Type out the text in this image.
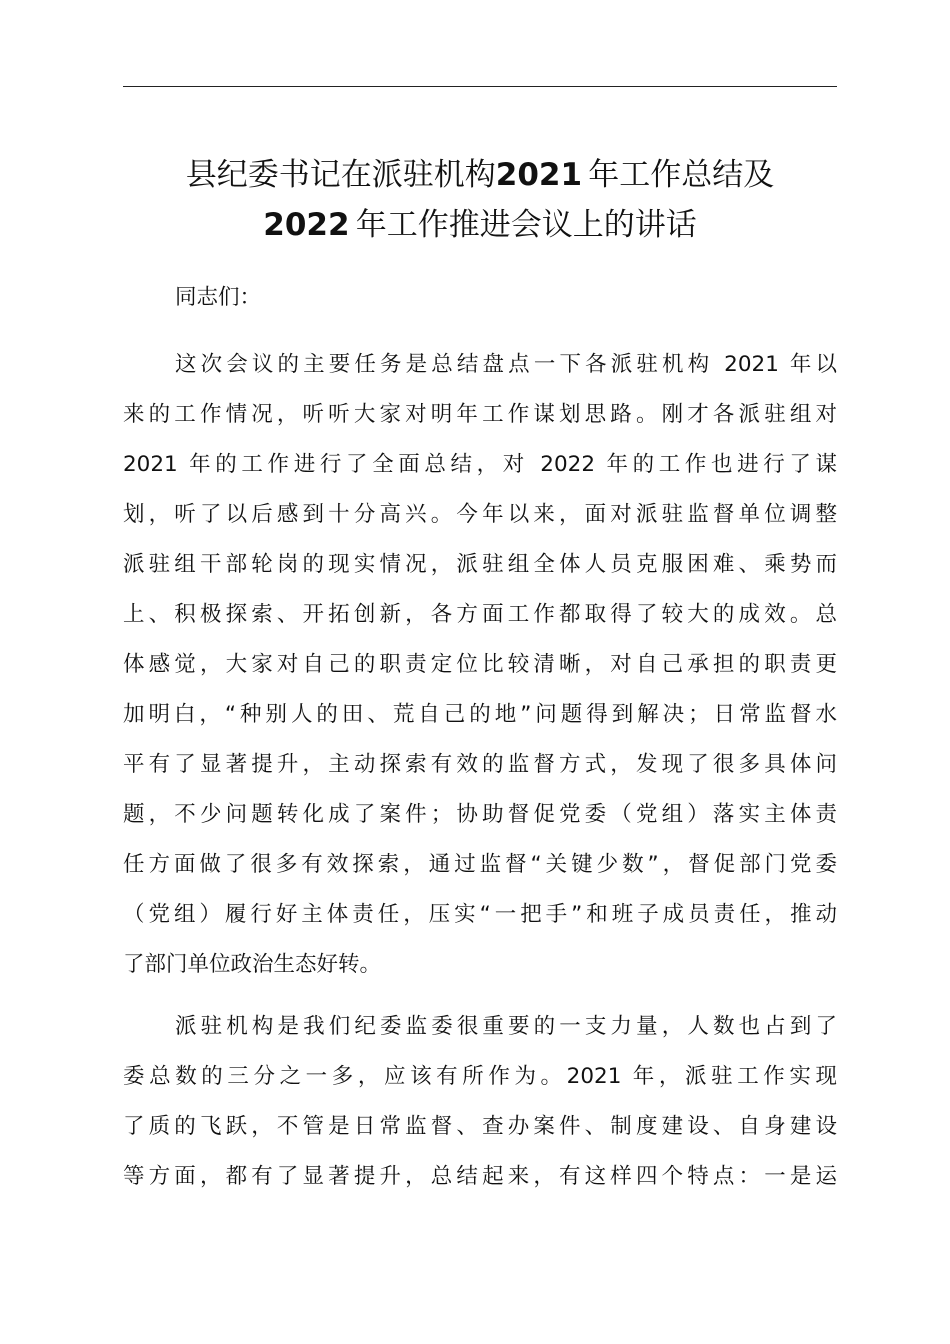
县纪委书记在派驻机构2021  年工作总结及
2022  年工作推进会议上的讲话
同志们：
这次会议的主要任务是总结盘点一下各派驻机构 2021 年以
来的工作情况，听听大家对明年工作谋划思路。刚才各派驻组对
2021 年的工作进行了全面总结，对 2022 年的工作也进行了谋
划，听了以后感到十分高兴。今年以来，面对派驻监督单位调整
派驻组干部轮岗的现实情况，派驻组全体人员克服困难、乘势而
上、积极探索、开拓创新，各方面工作都取得了较大的成效。总
体感觉，大家对自己的职责定位比较清晰，对自己承担的职责更
加明白，“种别人的田、荒自己的地”问题得到解决；日常监督水
平有了显著提升，主动探索有效的监督方式，发现了很多具体问
题，不少问题转化成了案件；协助督促党委（党组）落实主体责
任方面做了很多有效探索，通过监督“关键少数”，督促部门党委
（党组）履行好主体责任，压实“一把手”和班子成员责任，推动
了部门单位政治生态好转。
派驻机构是我们纪委监委很重要的一支力量，人数也占到了
委总数的三分之一多，应该有所作为。2021 年，派驻工作实现
了质的飞跃，不管是日常监督、查办案件、制度建设、自身建设
等方面，都有了显著提升，总结起来，有这样四个特点：一是运
